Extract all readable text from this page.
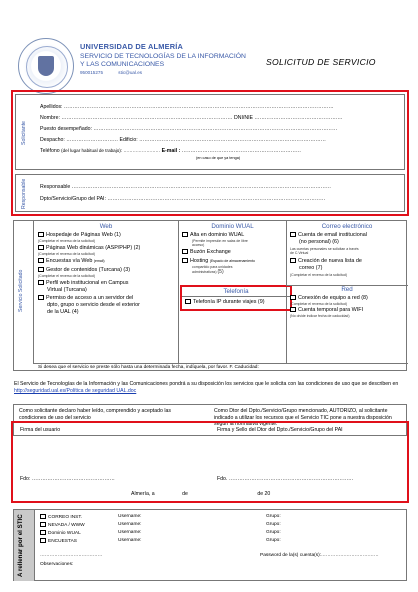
UNIVERSIDAD DE ALMERÍA
SERVICIO DE TECNOLOGÍAS DE LA INFORMACIÓN
Y LAS COMUNICACIONES
950015275	stic@ual.es
SOLICITUD DE SERVICIO
Solicitante
Apellidos: …………………………………………………………………………………………………………………………………………
Nombre: ……………………………………………………………………………………… DNI/NIE ……………………………………………
Puesto desempeñado: ……………………………………………………………………………………………………………………………
Despacho: ………………………… Edificio: ………………………………………………………………………………………………
Teléfono (del lugar habitual de trabajo): …………………… E-mail : ……………………………………………………………
(en caso de que ya tenga)
Responsable	Responsable ……………………………………………………………………………………………………………………………………
Dpto/Servicio/Grupo del PAI: ………………………………………………………………………………………………………………
Servicio Solicitado
Web
Hospedaje de Páginas Web (1)
(Completar el reverso de la solicitud)
Páginas Web dinámicas (ASP/PHP) (2)
(Completar el reverso de la solicitud)
Encuestas vía Web (email)
Gestor de contenidos (Turcana) (3)
(Completar el reverso de la solicitud)
Perfil web institucional en Campus
Virtual (Turcana)
Permiso de acceso a un servidor del
dpto, grupo o servicio desde el exterior
de la UAL (4)
Dominio WUAL
Alta en dominio WUAL
(Permite impresión en salas de libre
acceso)
Buzón Exchange
Hosting (Espacio de almacenamiento
compartido para unidades
administrativas) (5)
Telefonía
Telefonía IP durante viajes (9)
Correo electrónico
Cuenta de email institucional
(no personal) (6)
Las cuentas personales se solicitan a través
de C.Virtual
Creación de nueva lista de
correo (7)
(Completar el reverso de la solicitud)
Red
Conexión de equipo a red (8)
(Completar el reverso de la solicitud)
Cuenta temporal para WIFI
(No olvide indicar fecha de caducidad)
Si desea que el servicio se preste sólo hasta una determinada fecha, indíquela, por favor. F. Caducidad:
El Servicio de Tecnologías de la Información y las Comunicaciones pondrá a su disposición los servicios que le solicita con las condiciones de uso que se describen en http://seguridad.ual.es/Política de seguridad UAL.doc
Como solicitante declaro haber leído, comprendido y aceptado las condiciones de uso del servicio
Como Dtor del Dpto./Servicio/Grupo mencionado, AUTORIZO, al solicitante indicado a utilizar los recursos que el Servicio TIC pone a nuestra disposición según la normativa vigente.
Firma del usuario	Firma y Sello del Dtor del Dpto./Servicio/Grupo del PAI
Fdo: …………………………………………	Fdo. ………………………………………………………………
Almería, a	de	de 20
A rellenar por el STIC	CORREO INST.	Username:	Grupo:
NEVADA / WWW	Username:	Grupo:
Dominio WUAL	Username:	Grupo:
ENCUESTAS	Username:	Grupo:
…………………………………	Password de la(s) cuenta(s):………………………………
Observaciones:
